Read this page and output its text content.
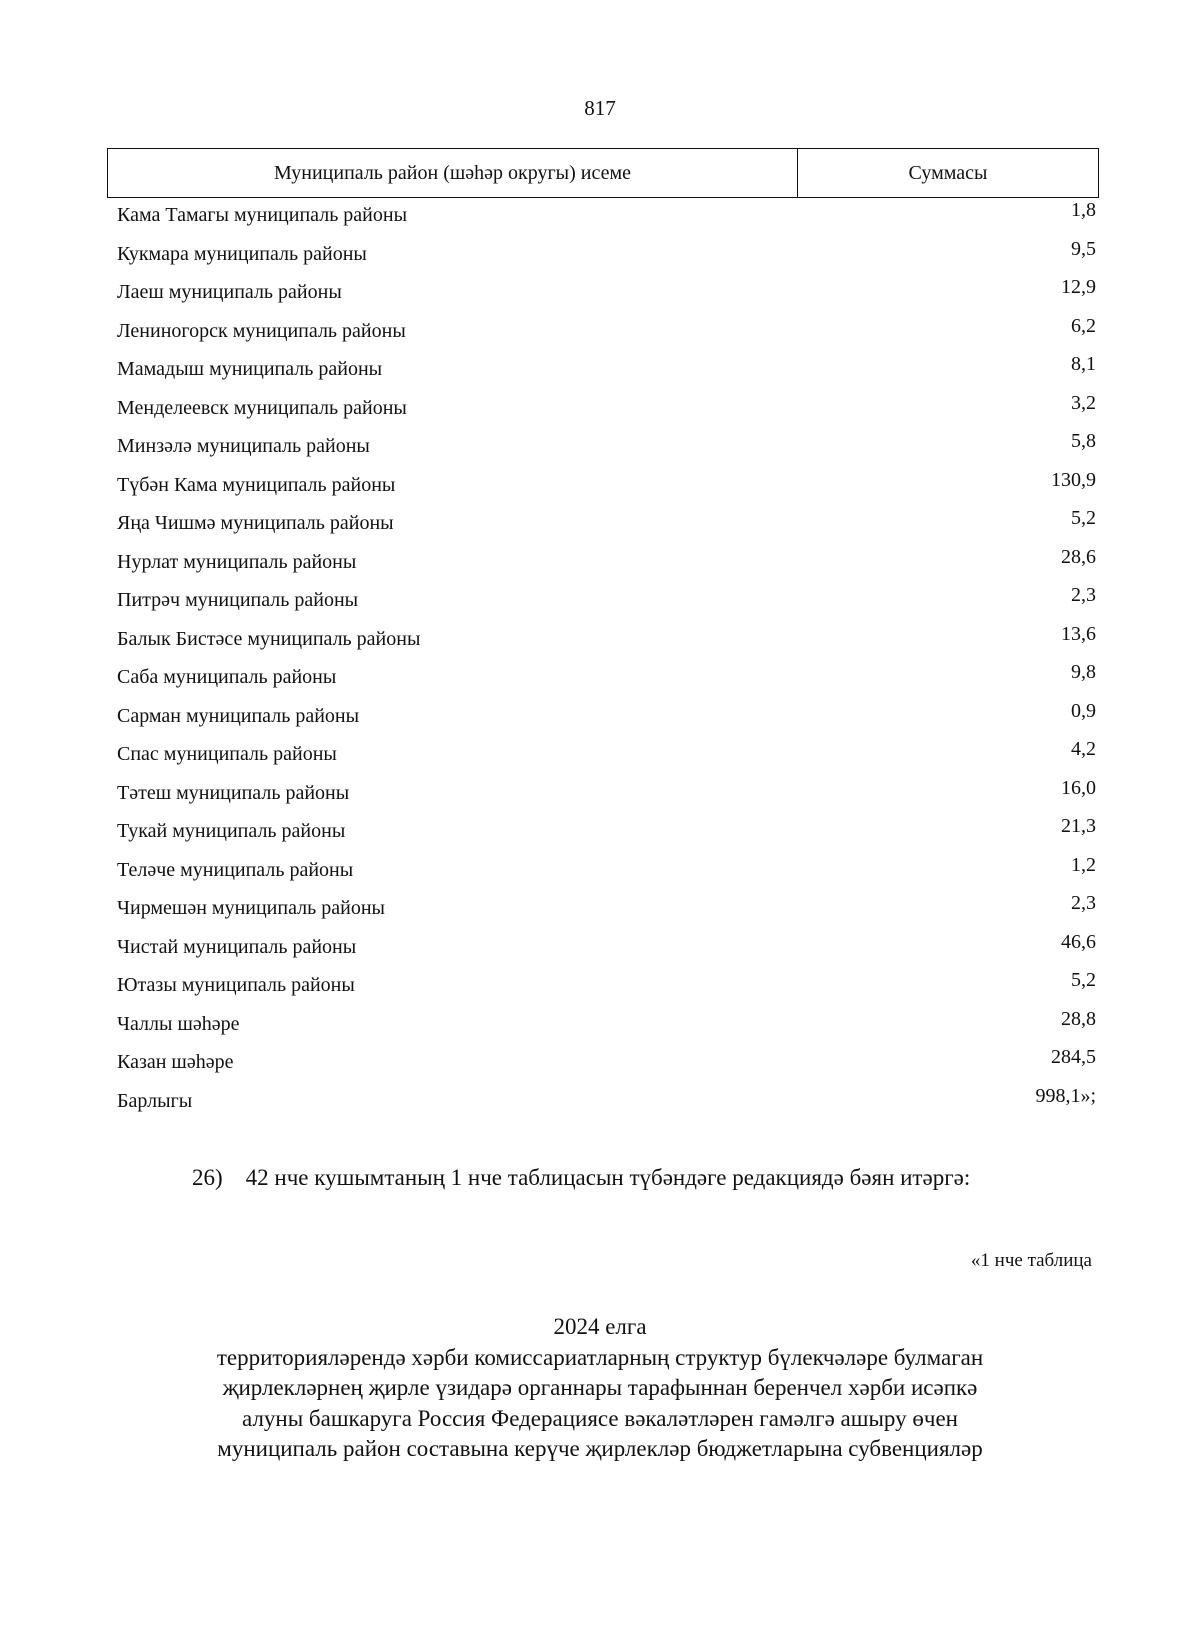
817
Муниципаль район (шәһәр округы) исеме	Суммасы
Кама Тамагы муниципаль районы	1,8
Кукмара муниципаль районы	9,5
Лаеш муниципаль районы	12,9
Лениногорск муниципаль районы	6,2
Мамадыш муниципаль районы	8,1
Менделеевск муниципаль районы	3,2
Минзәлә муниципаль районы	5,8
Түбән Кама муниципаль районы	130,9
Яңа Чишмә муниципаль районы	5,2
Нурлат муниципаль районы	28,6
Питрәч муниципаль районы	2,3
Балык Бистәсе муниципаль районы	13,6
Саба муниципаль районы	9,8
Сарман муниципаль районы	0,9
Спас муниципаль районы	4,2
Тәтеш муниципаль районы	16,0
Тукай муниципаль районы	21,3
Теләче муниципаль районы	1,2
Чирмешән муниципаль районы	2,3
Чистай муниципаль районы	46,6
Ютазы муниципаль районы	5,2
Чаллы шәһәре	28,8
Казан шәһәре	284,5
Барлыгы	998,1»;
26) 42 нче кушымтаның 1 нче таблицасын түбәндәге редакциядә бәян итәргә:
«1 нче таблица
2024 елга
территорияләрендә хәрби комиссариатларның структур бүлекчәләре булмаган
җирлекләрнең җирле үзидарә органнары тарафыннан беренчел хәрби исәпкә
алуны башкаруга Россия Федерациясе вәкаләтләрен гамәлгә ашыру өчен
муниципаль район составына керүче җирлекләр бюджетларына субвенцияләр
